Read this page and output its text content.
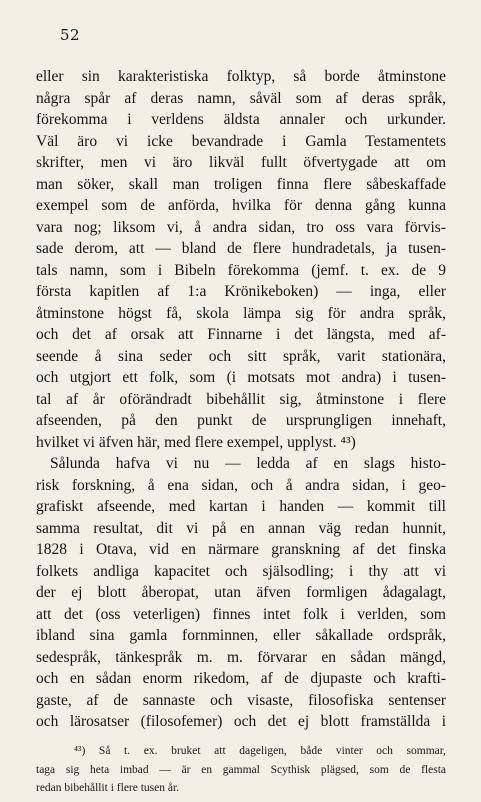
52
eller sin karakteristiska folktyp, så borde åtminstone
några spår af deras namn, såväl som af deras språk,
förekomma i verldens äldsta annaler och urkunder.
Väl äro vi icke bevandrade i Gamla Testamentets
skrifter, men vi äro likväl fullt öfvertygade att om
man söker, skall man troligen finna flere såbeskaffade
exempel som de anförda, hvilka för denna gång kunna
vara nog; liksom vi, å andra sidan, tro oss vara förvis-
sade derom, att — bland de flere hundradetals, ja tusen-
tals namn, som i Bibeln förekomma (jemf. t. ex. de 9
första kapitlen af 1:a Krönikeboken) — inga, eller
åtminstone högst få, skola lämpa sig för andra språk,
och det af orsak att Finnarne i det längsta, med af-
seende å sina seder och sitt språk, varit stationära,
och utgjort ett folk, som (i motsats mot andra) i tusen-
tal af år oförändradt bibehållit sig, åtminstone i flere
afseenden, på den punkt de ursprungligen innehaft,
hvilket vi äfven här, med flere exempel, upplyst. ⁴³)
Sålunda hafva vi nu — ledda af en slags histo-
risk forskning, å ena sidan, och å andra sidan, i geo-
grafiskt afseende, med kartan i handen — kommit till
samma resultat, dit vi på en annan väg redan hunnit,
1828 i Otava, vid en närmare granskning af det finska
folkets andliga kapacitet och själsodling; i thy att vi
der ej blott åberopat, utan äfven formligen ådagalagt,
att det (oss veterligen) finnes intet folk i verlden, som
ibland sina gamla fornminnen, eller såkallade ordspråk,
sedespråk, tänkespråk m. m. förvarar en sådan mängd,
och en sådan enorm rikedom, af de djupaste och krafti-
gaste, af de sannaste och visaste, filosofiska sentenser
och lärosatser (filosofemer) och det ej blott framställda i
⁴³) Så t. ex. bruket att dageligen, både vinter och sommar,
taga sig heta imbad — är en gammal Scythisk plägsed, som de flesta
redan bibehållit i flere tusen år.
